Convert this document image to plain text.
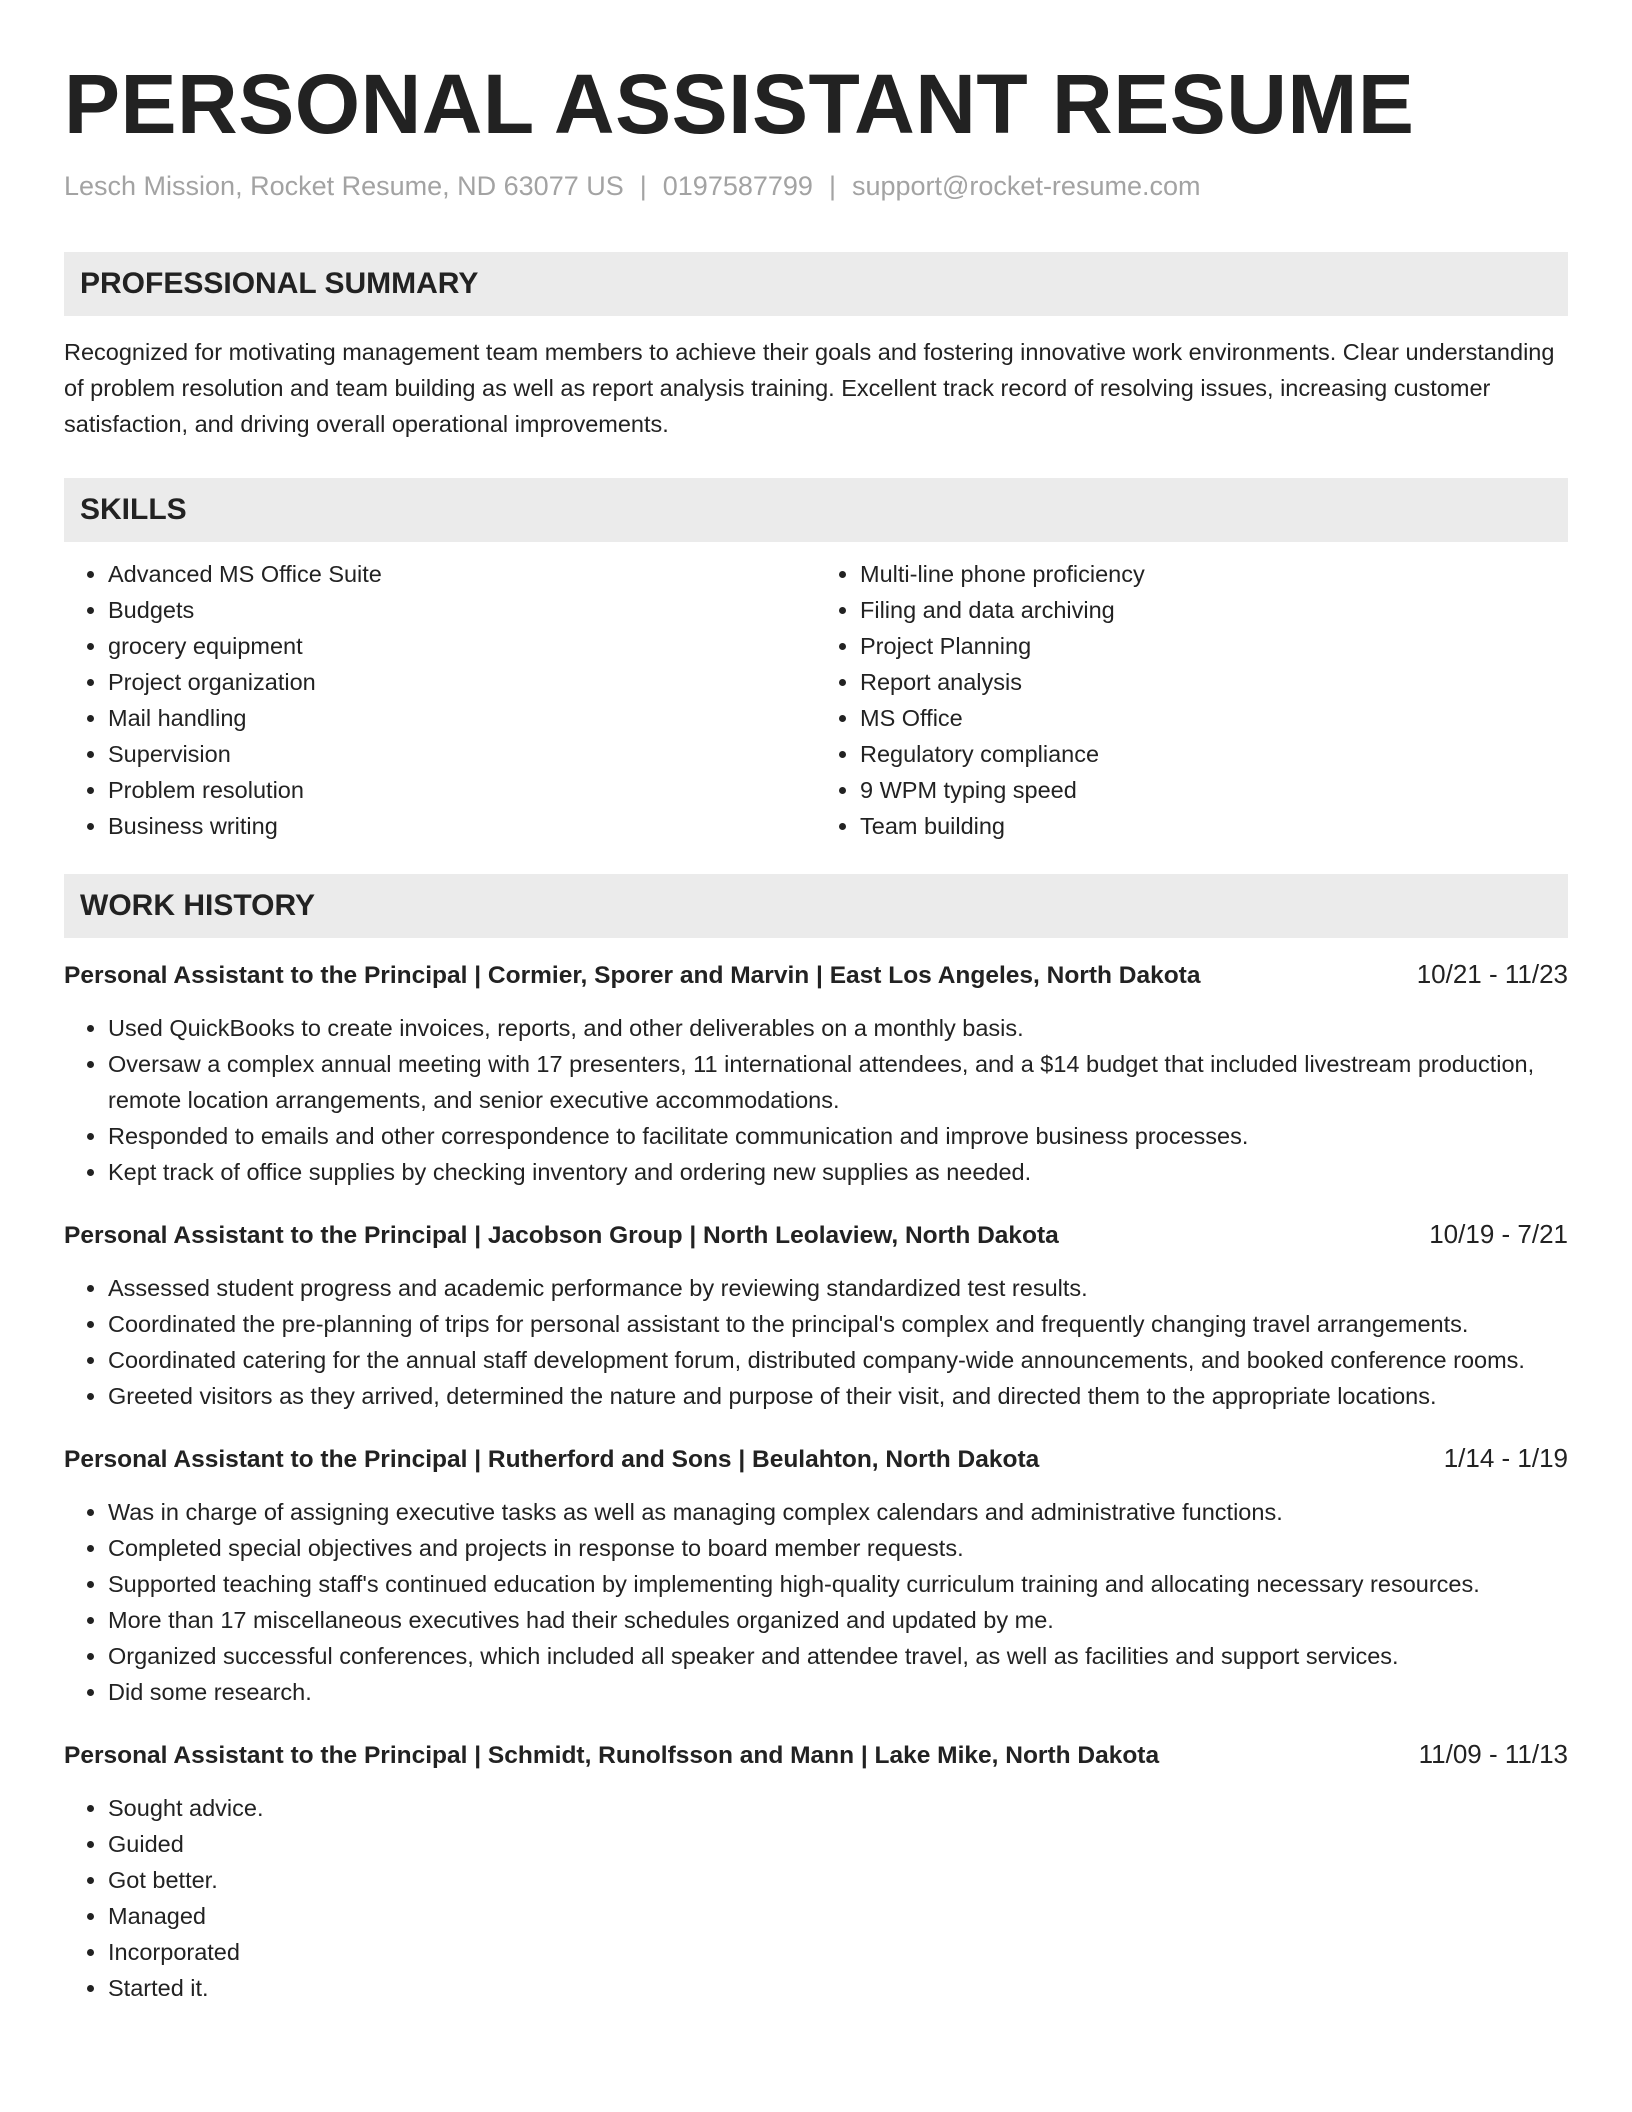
PERSONAL ASSISTANT RESUME
Lesch Mission, Rocket Resume, ND 63077 US | 0197587799 | support@rocket-resume.com
PROFESSIONAL SUMMARY
Recognized for motivating management team members to achieve their goals and fostering innovative work environments. Clear understanding of problem resolution and team building as well as report analysis training. Excellent track record of resolving issues, increasing customer satisfaction, and driving overall operational improvements.
SKILLS
• Advanced MS Office Suite
• Budgets
• grocery equipment
• Project organization
• Mail handling
• Supervision
• Problem resolution
• Business writing
• Multi-line phone proficiency
• Filing and data archiving
• Project Planning
• Report analysis
• MS Office
• Regulatory compliance
• 9 WPM typing speed
• Team building
WORK HISTORY
Personal Assistant to the Principal | Cormier, Sporer and Marvin | East Los Angeles, North Dakota	10/21 - 11/23
• Used QuickBooks to create invoices, reports, and other deliverables on a monthly basis.
• Oversaw a complex annual meeting with 17 presenters, 11 international attendees, and a $14 budget that included livestream production, remote location arrangements, and senior executive accommodations.
• Responded to emails and other correspondence to facilitate communication and improve business processes.
• Kept track of office supplies by checking inventory and ordering new supplies as needed.
Personal Assistant to the Principal | Jacobson Group | North Leolaview, North Dakota	10/19 - 7/21
• Assessed student progress and academic performance by reviewing standardized test results.
• Coordinated the pre-planning of trips for personal assistant to the principal's complex and frequently changing travel arrangements.
• Coordinated catering for the annual staff development forum, distributed company-wide announcements, and booked conference rooms.
• Greeted visitors as they arrived, determined the nature and purpose of their visit, and directed them to the appropriate locations.
Personal Assistant to the Principal | Rutherford and Sons | Beulahton, North Dakota	1/14 - 1/19
• Was in charge of assigning executive tasks as well as managing complex calendars and administrative functions.
• Completed special objectives and projects in response to board member requests.
• Supported teaching staff's continued education by implementing high-quality curriculum training and allocating necessary resources.
• More than 17 miscellaneous executives had their schedules organized and updated by me.
• Organized successful conferences, which included all speaker and attendee travel, as well as facilities and support services.
• Did some research.
Personal Assistant to the Principal | Schmidt, Runolfsson and Mann | Lake Mike, North Dakota	11/09 - 11/13
• Sought advice.
• Guided
• Got better.
• Managed
• Incorporated
• Started it.
